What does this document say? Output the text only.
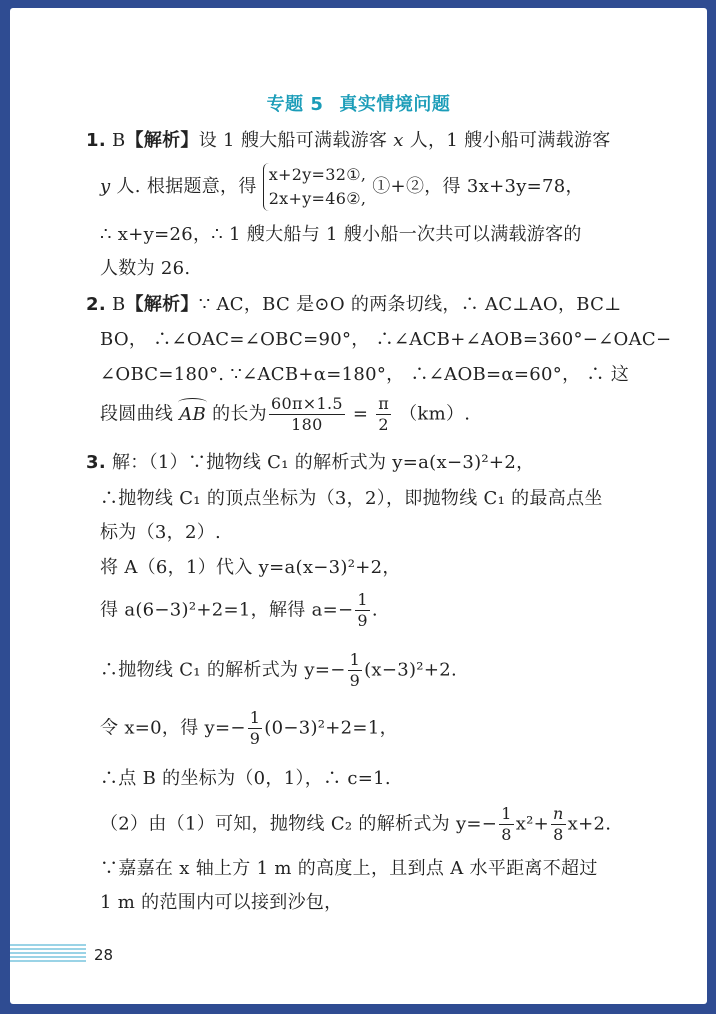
专题 5 真实情境问题
1. B【解析】设 1 艘大船可满载游客 x 人，1 艘小船可满载游客
y 人. 根据题意，得
x+2y=32①,
2x+y=46②,
①+②，得 3x+3y=78，
∴ x+y=26，∴ 1 艘大船与 1 艘小船一次共可以满载游客的
人数为 26.
2. B【解析】∵ AC，BC 是⊙O 的两条切线，∴ AC⊥AO，BC⊥
BO， ∴∠OAC=∠OBC=90°， ∴∠ACB+∠AOB=360°−∠OAC−
∠OBC=180°. ∵∠ACB+α=180°， ∴∠AOB=α=60°， ∴ 这
段圆曲线 AB 的长为 $\frac{60\pi\times 1.5}{180} = \frac{\pi}{2} (km)$.
3. 解：（1）∵抛物线 C₁ 的解析式为 y=a(x−3)²+2，
∴抛物线 C₁ 的顶点坐标为（3，2），即抛物线 C₁ 的最高点坐
标为（3，2）.
将 A（6，1）代入 y=a(x−3)²+2，
得 a(6−3)²+2=1，解得 $a=- \frac{1}{9}$ .
∴抛物线 C₁ 的解析式为 $y=- \frac{1}{9} (x-3)^2+2$.
令 x=0，得 $y=- \frac{1}{9} (0-3)^2+2=1$，
∴点 B 的坐标为（0，1），∴ c=1.
（2）由（1）可知，抛物线 C₂ 的解析式为 $y=- \frac{1}{8} x^2+ \frac{n}{8} x+2$.
∵嘉嘉在 x 轴上方 1 m 的高度上，且到点 A 水平距离不超过
1 m 的范围内可以接到沙包，
28
